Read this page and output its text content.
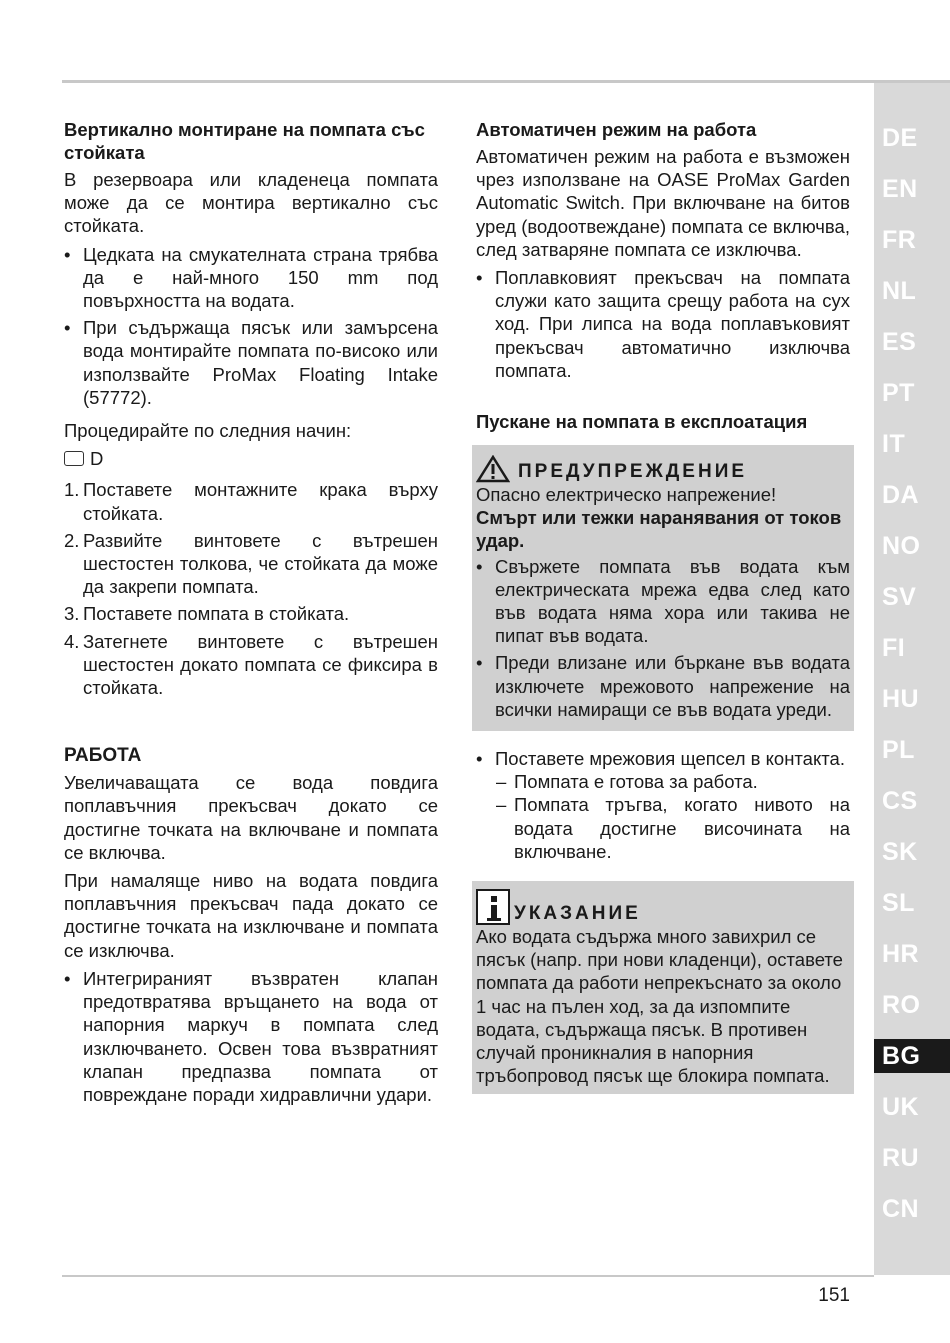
Вертикално монтиране на помпата със стойката

В резервоара или кладенеца помпата може да се монтира вертикално със стойката.

• Цедката на смукателната страна трябва да е най-много 150 mm под повърхността на водата.
• При съдържаща пясък или замърсена вода монтирайте помпата по-високо или използвайте ProMax Floating Intake (57772).

Процедирайте по следния начин:

D

1. Поставете монтажните крака върху стойката.
2. Развийте винтовете с вътрешен шестостен толкова, че стойката да може да закрепи помпата.
3. Поставете помпата в стойката.
4. Затегнете винтовете с вътрешен шестостен докато помпата се фиксира в стойката.
РАБОТА

Увеличаващата се вода повдига поплавъчния прекъсвач докато се достигне точката на включване и помпата се включва.

При намаляще ниво на водата повдига поплавъчния прекъсвач пада докато се достигне точката на изключване и помпата се изключва.

• Интегрираният възвратен клапан предотвратява връщането на вода от напорния маркуч в помпата след изключването. Освен това възвратният клапан предпазва помпата от повреждане поради хидравлични удари.
Автоматичен режим на работа

Автоматичен режим на работа е възможен чрез използване на OASE ProMax Garden Automatic Switch. При включване на битов уред (водоотвеждане) помпата се включва, след затваряне помпата се изключва.

• Поплавковият прекъсвач на помпата служи като защита срещу работа на сух ход. При липса на вода поплавъковият прекъсвач автоматично изключва помпата.
Пускане на помпата в експлоатация
ПРЕДУПРЕЖДЕНИЕ

Опасно електрическо напрежение!

Смърт или тежки наранявания от токов удар.

• Свържете помпата във водата към електрическата мрежа едва след като във водата няма хора или такива не пипат във водата.
• Преди влизане или бъркане във водата изключете мрежовото напрежение на всички намиращи се във водата уреди.
• Поставете мрежовия щепсел в контакта.
– Помпата е готова за работа.
– Помпата тръгва, когато нивото на водата достигне височината на включване.
УКАЗАНИЕ

Ако водата съдържа много завихрил се пясък (напр. при нови кладенци), оставете помпата да работи непрекъснато за около 1 час на пълен ход, за да изпомпите водата, съдържаща пясък. В противен случай проникналия в напорния тръбопровод пясък ще блокира помпата.

DE
EN
FR
NL
ES
PT
IT
DA
NO
SV
FI
HU
PL
CS
SK
SL
HR
RO
BG
UK
RU
CN
151
